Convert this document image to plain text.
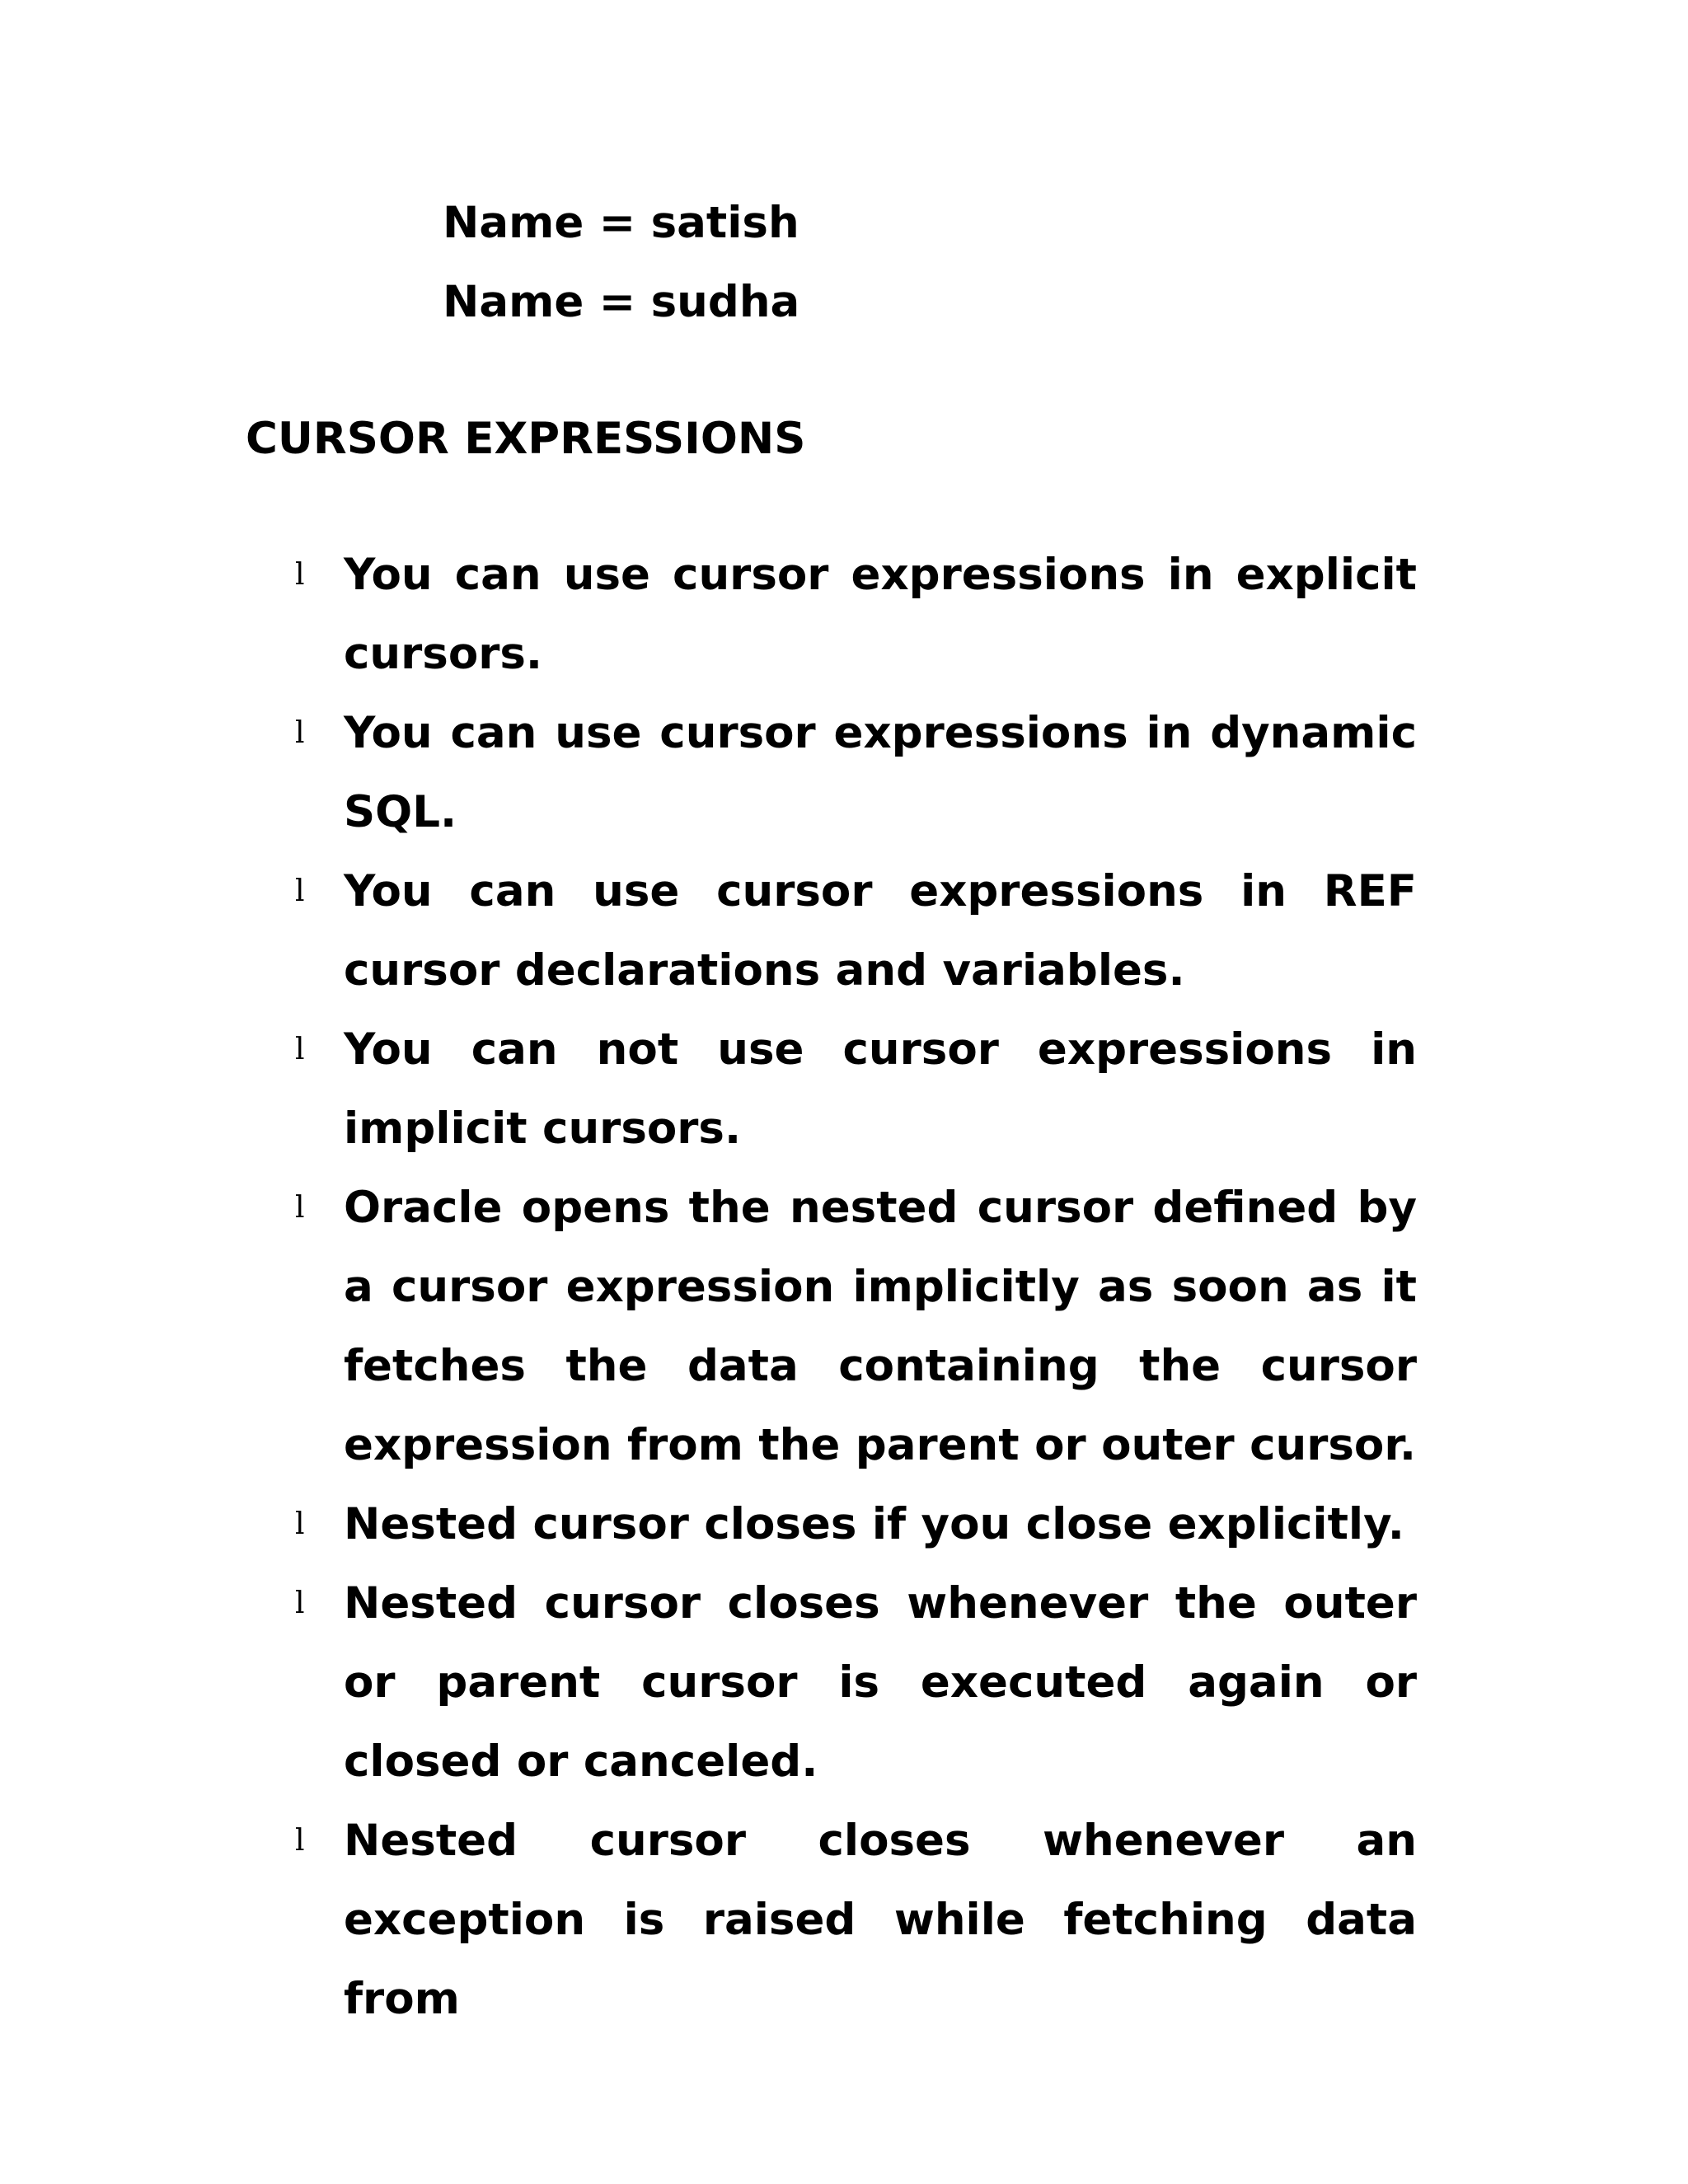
Name = satish
Name = sudha
CURSOR EXPRESSIONS
l You can use cursor expressions in explicit cursors.
l You can use cursor expressions in dynamic SQL.
l You can use cursor expressions in REF cursor declarations and variables.
l You can not use cursor expressions in implicit cursors.
l Oracle opens the nested cursor defined by a cursor expression implicitly as soon as it fetches the data containing the cursor expression from the parent or outer cursor.
l Nested cursor closes if you close explicitly.
l Nested cursor closes whenever the outer or parent cursor is executed again or closed or canceled.
l Nested cursor closes whenever an exception is raised while fetching data from
